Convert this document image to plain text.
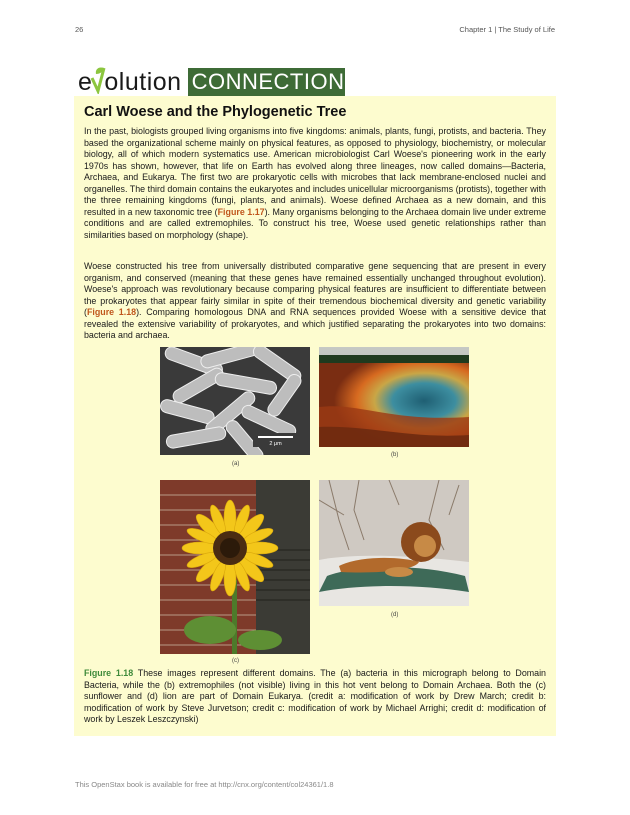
26	Chapter 1 | The Study of Life
e olution CONNECTION
Carl Woese and the Phylogenetic Tree

In the past, biologists grouped living organisms into five kingdoms: animals, plants, fungi, protists, and bacteria. They based the organizational scheme mainly on physical features, as opposed to physiology, biochemistry, or molecular biology, all of which modern systematics use. American microbiologist Carl Woese's pioneering work in the early 1970s has shown, however, that life on Earth has evolved along three lineages, now called domains—Bacteria, Archaea, and Eukarya. The first two are prokaryotic cells with microbes that lack membrane-enclosed nuclei and organelles. The third domain contains the eukaryotes and includes unicellular microorganisms (protists), together with the three remaining kingdoms (fungi, plants, and animals). Woese defined Archaea as a new domain, and this resulted in a new taxonomic tree (Figure 1.17). Many organisms belonging to the Archaea domain live under extreme conditions and are called extremophiles. To construct his tree, Woese used genetic relationships rather than similarities based on morphology (shape).

Woese constructed his tree from universally distributed comparative gene sequencing that are present in every organism, and conserved (meaning that these genes have remained essentially unchanged throughout evolution). Woese's approach was revolutionary because comparing physical features are insufficient to differentiate between the prokaryotes that appear fairly similar in spite of their tremendous biochemical diversity and genetic variability (Figure 1.18). Comparing homologous DNA and RNA sequences provided Woese with a sensitive device that revealed the extensive variability of prokaryotes, and which justified separating the prokaryotes into two domains: bacteria and archaea.

2 μm
(a)
(b)
(c)
(d)

Figure 1.18 These images represent different domains. The (a) bacteria in this micrograph belong to Domain Bacteria, while the (b) extremophiles (not visible) living in this hot vent belong to Domain Archaea. Both the (c) sunflower and (d) lion are part of Domain Eukarya. (credit a: modification of work by Drew March; credit b: modification of work by Steve Jurvetson; credit c: modification of work by Michael Arrighi; credit d: modification of work by Leszek Leszczynski)

This OpenStax book is available for free at http://cnx.org/content/col24361/1.8
